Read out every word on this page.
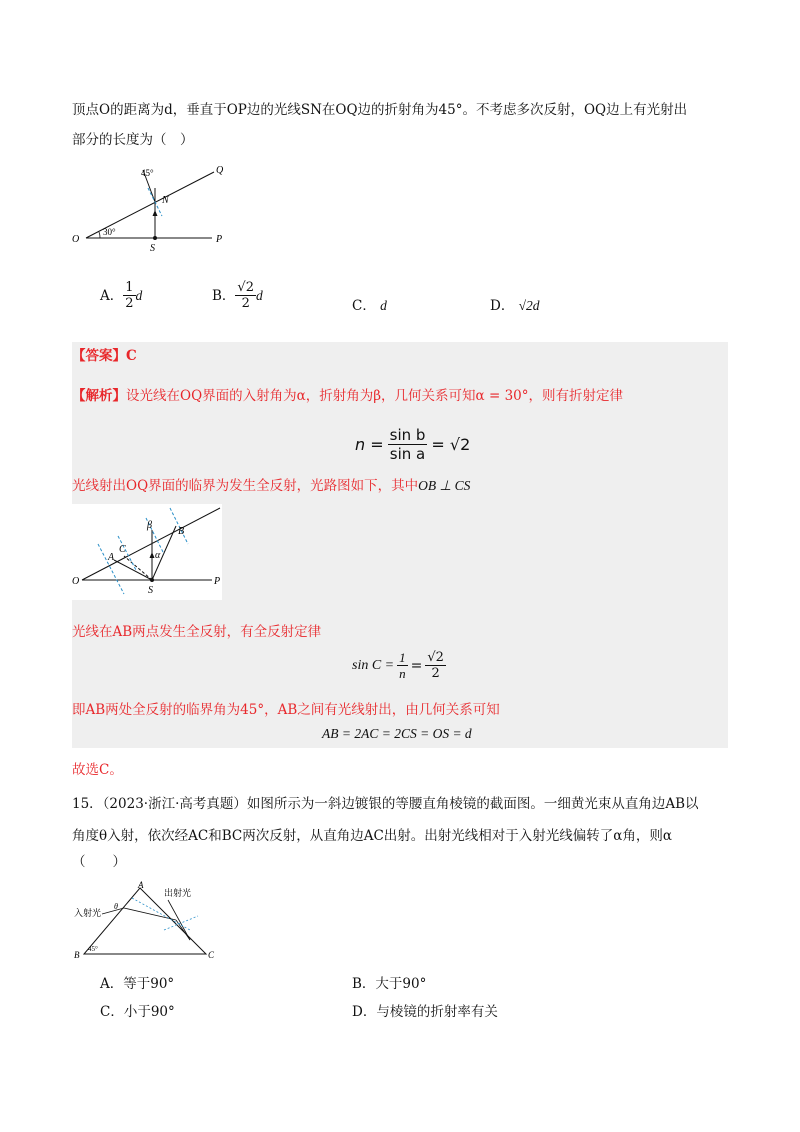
顶点O的距离为d，垂直于OP边的光线SN在OQ边的折射角为45°。不考虑多次反射，OQ边上有光射出
部分的长度为（　）
O
Q
P
N
S
30°
45°
A． $\frac{1}{2}$ d	B． $\frac{√2}{2}$ d
C． d	D． √2d
【答案】C
【解析】设光线在OQ界面的入射角为α，折射角为β，几何关系可知α = 30°，则有折射定律
$n = \frac{\text{sin b}}{\text{sin a}} = √2$
光线射出OQ界面的临界为发生全反射，光路图如下，其中OB ⊥ CS
O	P
A
C
B
S
β
α
光线在AB两点发生全反射，有全反射定律
$\sin C = \frac{1}{n} = \frac{√2}{2}$
即AB两处全反射的临界角为45°，AB之间有光线射出，由几何关系可知
AB = 2AC = 2CS = OS = d
故选C。
15．（2023·浙江·高考真题）如图所示为一斜边镀银的等腰直角棱镜的截面图。一细黄光束从直角边AB以
角度θ入射，依次经AC和BC两次反射，从直角边AC出射。出射光线相对于入射光线偏转了α角，则α
（　　）
入射光
出射光
A
B	C
θ
45°
A．等于90°	B．大于90°
C．小于90°	D．与棱镜的折射率有关
